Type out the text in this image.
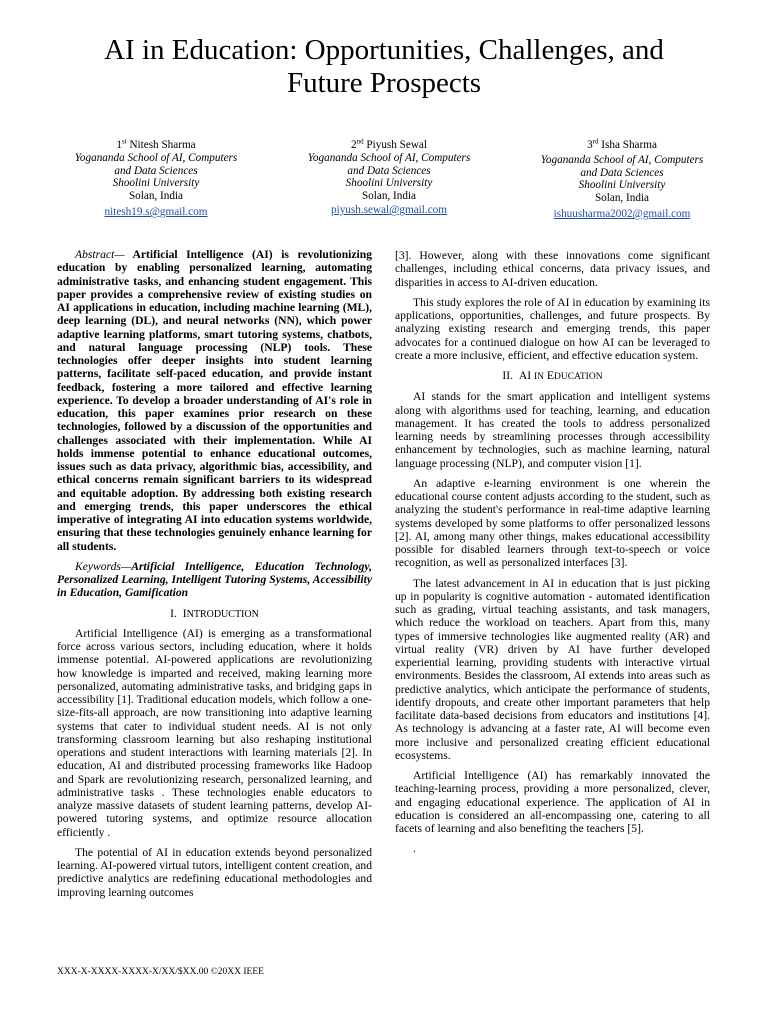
AI in Education: Opportunities, Challenges, and
Future Prospects
1st Nitesh Sharma
Yogananda School of AI, Computers
and Data Sciences
Shoolini University
Solan, India
nitesh19.s@gmail.com
2nd Piyush Sewal
Yogananda School of AI, Computers
and Data Sciences
Shoolini University
Solan, India
piyush.sewal@gmail.com
3rd Isha Sharma
Yogananda School of AI, Computers
and Data Sciences
Shoolini University
Solan, India
ishuusharma2002@gmail.com

Abstract— Artificial Intelligence (AI) is revolutionizing education by enabling personalized learning, automating administrative tasks, and enhancing student engagement. This paper provides a comprehensive review of existing studies on AI applications in education, including machine learning (ML), deep learning (DL), and neural networks (NN), which power adaptive learning platforms, smart tutoring systems, chatbots, and natural language processing (NLP) tools. These technologies offer deeper insights into student learning patterns, facilitate self-paced education, and provide instant feedback, fostering a more tailored and effective learning experience. To develop a broader understanding of AI's role in education, this paper examines prior research on these technologies, followed by a discussion of the opportunities and challenges associated with their implementation. While AI holds immense potential to enhance educational outcomes, issues such as data privacy, algorithmic bias, accessibility, and ethical concerns remain significant barriers to its widespread and equitable adoption. By addressing both existing research and emerging trends, this paper underscores the ethical imperative of integrating AI into education systems worldwide, ensuring that these technologies genuinely enhance learning for all students.

Keywords—Artificial Intelligence, Education Technology, Personalized Learning, Intelligent Tutoring Systems, Accessibility in Education, Gamification

I. INTRODUCTION

Artificial Intelligence (AI) is emerging as a transformational force across various sectors, including education, where it holds immense potential. AI-powered applications are revolutionizing how knowledge is imparted and received, making learning more personalized, automating administrative tasks, and bridging gaps in accessibility [1]. Traditional education models, which follow a one-size-fits-all approach, are now transitioning into adaptive learning systems that cater to individual student needs. AI is not only transforming classroom learning but also reshaping institutional operations and student interactions with learning materials [2]. In education, AI and distributed processing frameworks like Hadoop and Spark are revolutionizing research, personalized learning, and administrative tasks . These technologies enable educators to analyze massive datasets of student learning patterns, develop AI-powered tutoring systems, and optimize resource allocation efficiently .

The potential of AI in education extends beyond personalized learning. AI-powered virtual tutors, intelligent content creation, and predictive analytics are redefining educational methodologies and improving learning outcomes

[3]. However, along with these innovations come significant challenges, including ethical concerns, data privacy issues, and disparities in access to AI-driven education.

This study explores the role of AI in education by examining its applications, opportunities, challenges, and future prospects. By analyzing existing research and emerging trends, this paper advocates for a continued dialogue on how AI can be leveraged to create a more inclusive, efficient, and effective education system.

II. AI IN EDUCATION

AI stands for the smart application and intelligent systems along with algorithms used for teaching, learning, and education management. It has created the tools to address personalized learning needs by streamlining processes through accessibility enhancement by technologies, such as machine learning, natural language processing (NLP), and computer vision [1].

An adaptive e-learning environment is one wherein the educational course content adjusts according to the student, such as analyzing the student's performance in real-time adaptive learning systems developed by some platforms to offer personalized lessons [2]. AI, among many other things, makes educational accessibility possible for disabled learners through text-to-speech or voice recognition, as well as personalized interfaces [3].

The latest advancement in AI in education that is just picking up in popularity is cognitive automation - automated identification such as grading, virtual teaching assistants, and task managers, which reduce the workload on teachers. Apart from this, many types of immersive technologies like augmented reality (AR) and virtual reality (VR) driven by AI have further developed experiential learning, providing students with interactive virtual environments. Besides the classroom, AI extends into areas such as predictive analytics, which anticipate the performance of students, identify dropouts, and create other important parameters that help facilitate data-based decisions from educators and institutions [4]. As technology is advancing at a faster rate, AI will become even more inclusive and personalized creating efficient educational ecosystems.

Artificial Intelligence (AI) has remarkably innovated the teaching-learning process, providing a more personalized, clever, and engaging educational experience. The application of AI in education is considered an all-encompassing one, catering to all facets of learning and also benefiting the teachers [5].

.

XXX-X-XXXX-XXXX-X/XX/$XX.00 ©20XX IEEE
